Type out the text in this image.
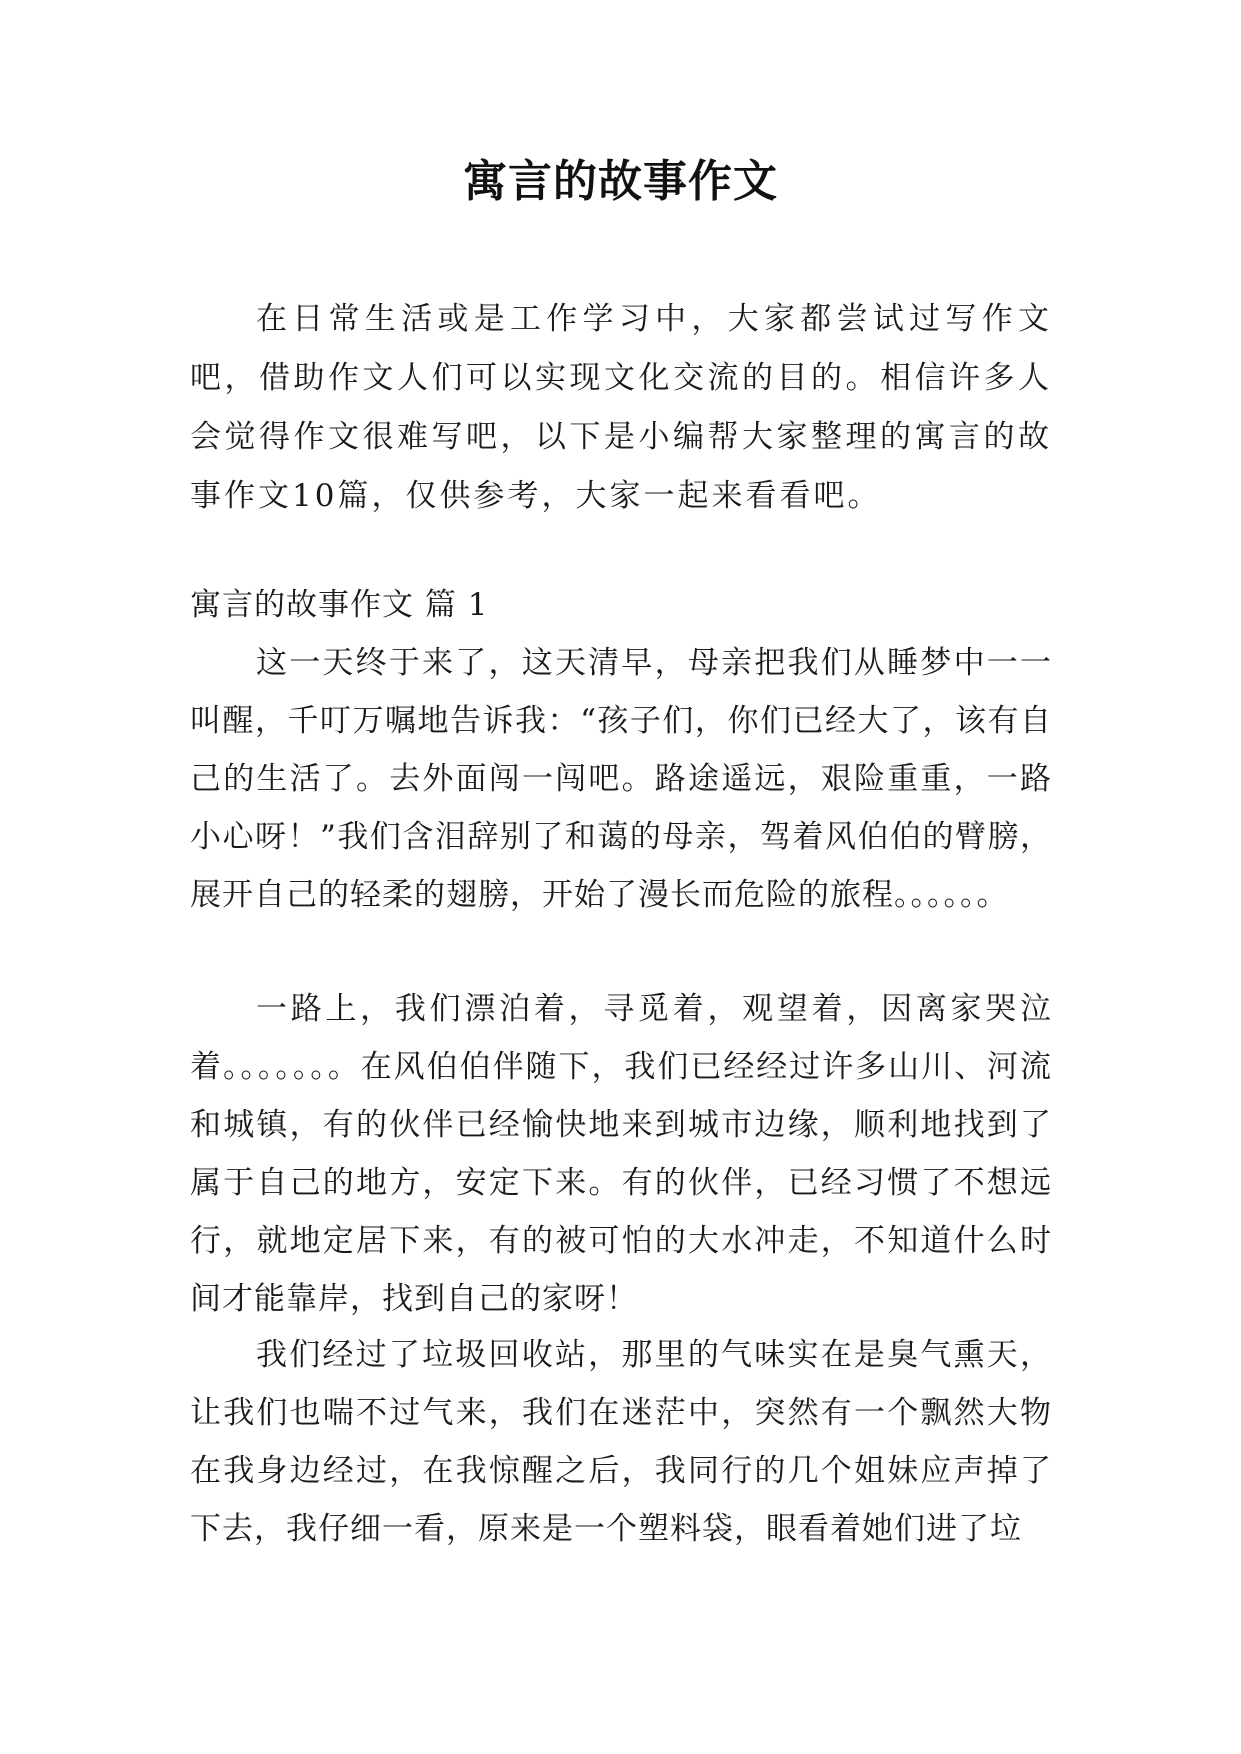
寓言的故事作文

在日常生活或是工作学习中，大家都尝试过写作文吧，借助作文人们可以实现文化交流的目的。相信许多人会觉得作文很难写吧，以下是小编帮大家整理的寓言的故事作文10篇，仅供参考，大家一起来看看吧。

寓言的故事作文 篇 1

这一天终于来了，这天清早，母亲把我们从睡梦中一一叫醒，千叮万嘱地告诉我：“孩子们，你们已经大了，该有自己的生活了。去外面闯一闯吧。路途遥远，艰险重重，一路小心呀！”我们含泪辞别了和蔼的母亲，驾着风伯伯的臂膀，展开自己的轻柔的翅膀，开始了漫长而危险的旅程。。。。。。

一路上，我们漂泊着，寻觅着，观望着，因离家哭泣着。。。。。。。在风伯伯伴随下，我们已经经过许多山川、河流和城镇，有的伙伴已经愉快地来到城市边缘，顺利地找到了属于自己的地方，安定下来。有的伙伴，已经习惯了不想远行，就地定居下来，有的被可怕的大水冲走，不知道什么时间才能靠岸，找到自己的家呀！

我们经过了垃圾回收站，那里的气味实在是臭气熏天，让我们也喘不过气来，我们在迷茫中，突然有一个飘然大物在我身边经过，在我惊醒之后，我同行的几个姐妹应声掉了下去，我仔细一看，原来是一个塑料袋，眼看着她们进了垃
